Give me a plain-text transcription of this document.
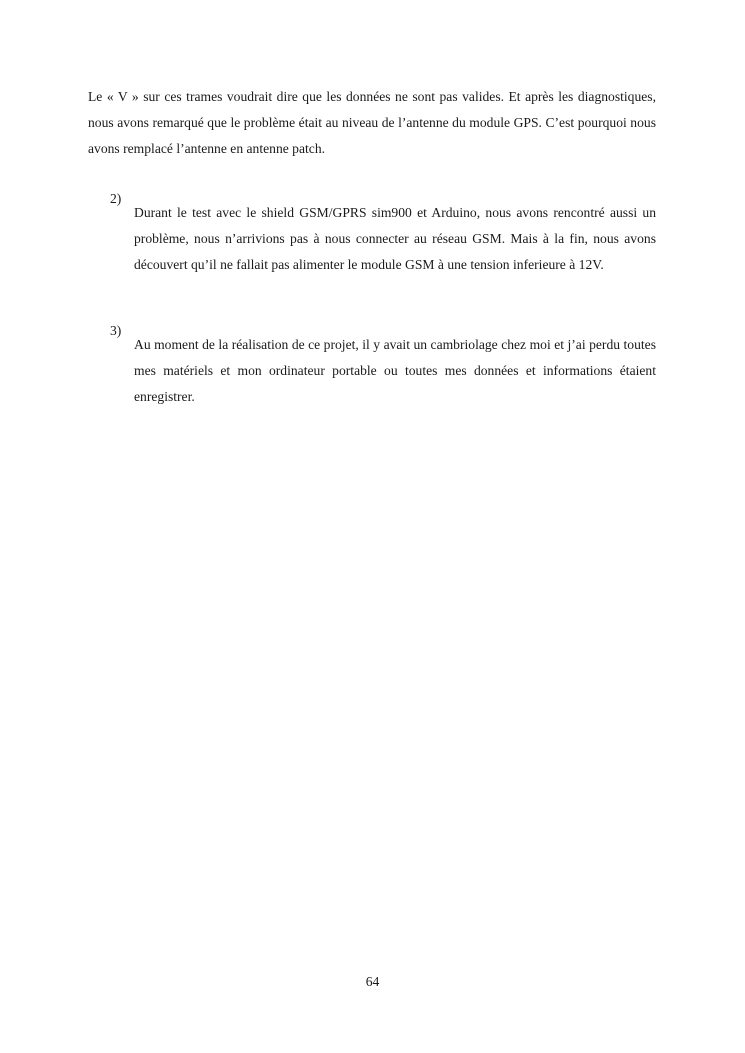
Le « V » sur ces trames voudrait dire que les données ne sont pas valides. Et après les diagnostiques, nous avons remarqué que le problème était au niveau de l’antenne du module GPS. C’est pourquoi nous avons remplacé l’antenne en antenne patch.

2)

Durant le test avec le shield GSM/GPRS sim900 et Arduino, nous avons rencontré aussi un problème, nous n’arrivions pas à nous connecter au réseau GSM. Mais à la fin, nous avons découvert qu’il ne fallait pas alimenter le module GSM à une tension inferieure à 12V.

3)

Au moment de la réalisation de ce projet, il y avait un cambriolage chez moi et j’ai perdu toutes mes matériels et mon ordinateur portable ou toutes mes données et informations étaient enregistrer.

64
